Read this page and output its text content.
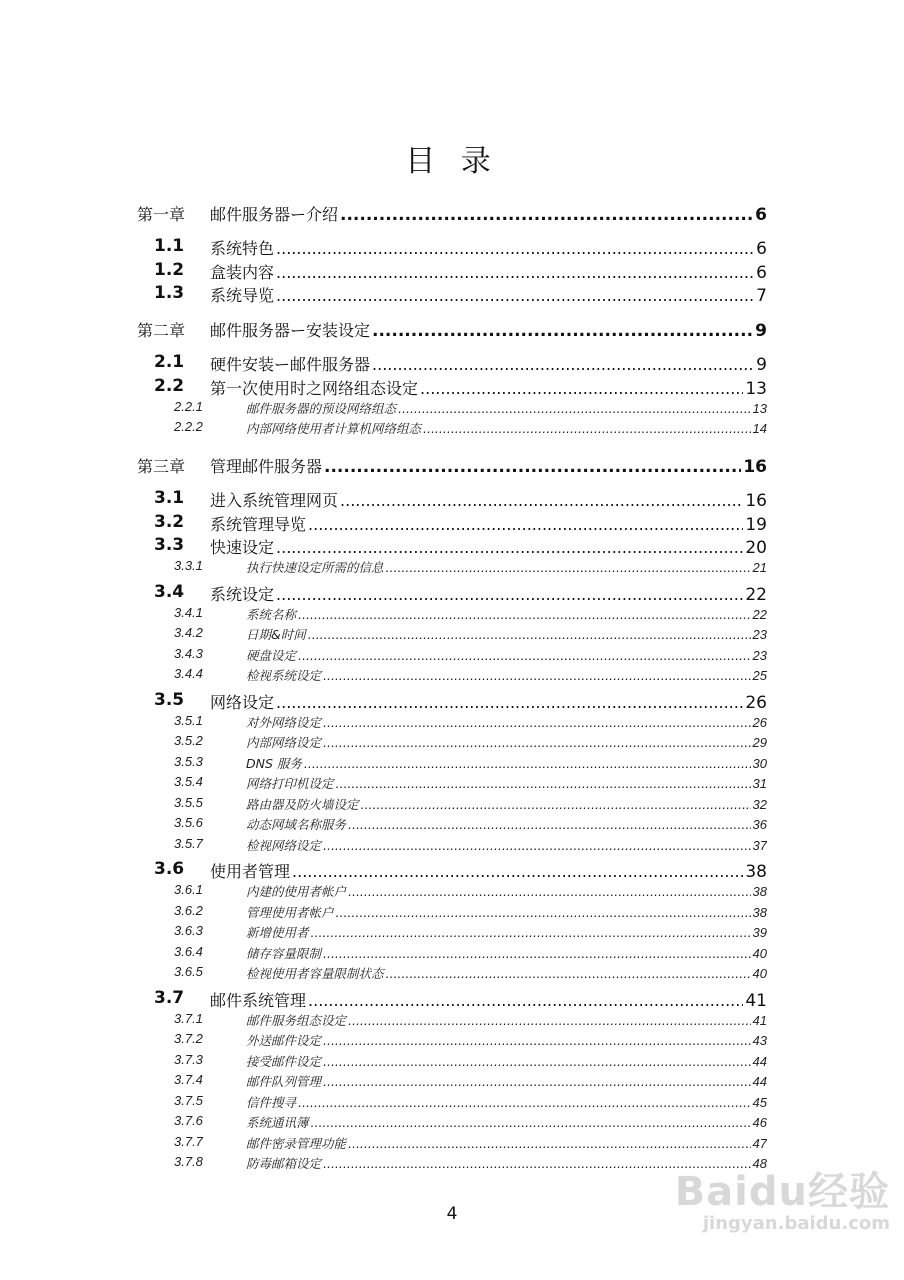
目 录
第一章 邮件服务器ー介绍 .....	6
1.1 系统特色 .....	6
1.2 盒装内容 .....	6
1.3 系统导览 .....	7
第二章 邮件服务器ー安装设定 .....	9
2.1 硬件安装ー邮件服务器 .....	9
2.2 第一次使用时之网络组态设定 .....	13
2.2.1	邮件服务器的预设网络组态 .....	13
2.2.2	内部网络使用者计算机网络组态 .....	14
第三章 管理邮件服务器 .....	16
3.1 进入系统管理网页 .....	16
3.2 系统管理导览 .....	19
3.3 快速设定 .....	20
3.3.1	执行快速设定所需的信息 .....	21
3.4 系统设定 .....	22
3.4.1	系统名称 .....	22
3.4.2	日期&时间 .....	23
3.4.3	硬盘设定 .....	23
3.4.4	检视系统设定 .....	25
3.5 网络设定 .....	26
3.5.1	对外网络设定 .....	26
3.5.2	内部网络设定 .....	29
3.5.3	DNS 服务 .....	30
3.5.4	网络打印机设定 .....	31
3.5.5	路由器及防火墙设定 .....	32
3.5.6	动态网域名称服务 .....	36
3.5.7	检视网络设定 .....	37
3.6 使用者管理 .....	38
3.6.1	内建的使用者帐户 .....	38
3.6.2	管理使用者帐户 .....	38
3.6.3	新增使用者 .....	39
3.6.4	储存容量限制 .....	40
3.6.5	检视使用者容量限制状态 .....	40
3.7 邮件系统管理 .....	41
3.7.1	邮件服务组态设定 .....	41
3.7.2	外送邮件设定 .....	43
3.7.3	接受邮件设定 .....	44
3.7.4	邮件队列管理 .....	44
3.7.5	信件搜寻 .....	45
3.7.6	系统通讯簿 .....	46
3.7.7	邮件密录管理功能 .....	47
3.7.8	防毒邮箱设定 .....	48
4	Baidu经验
jingyan.baidu.com
